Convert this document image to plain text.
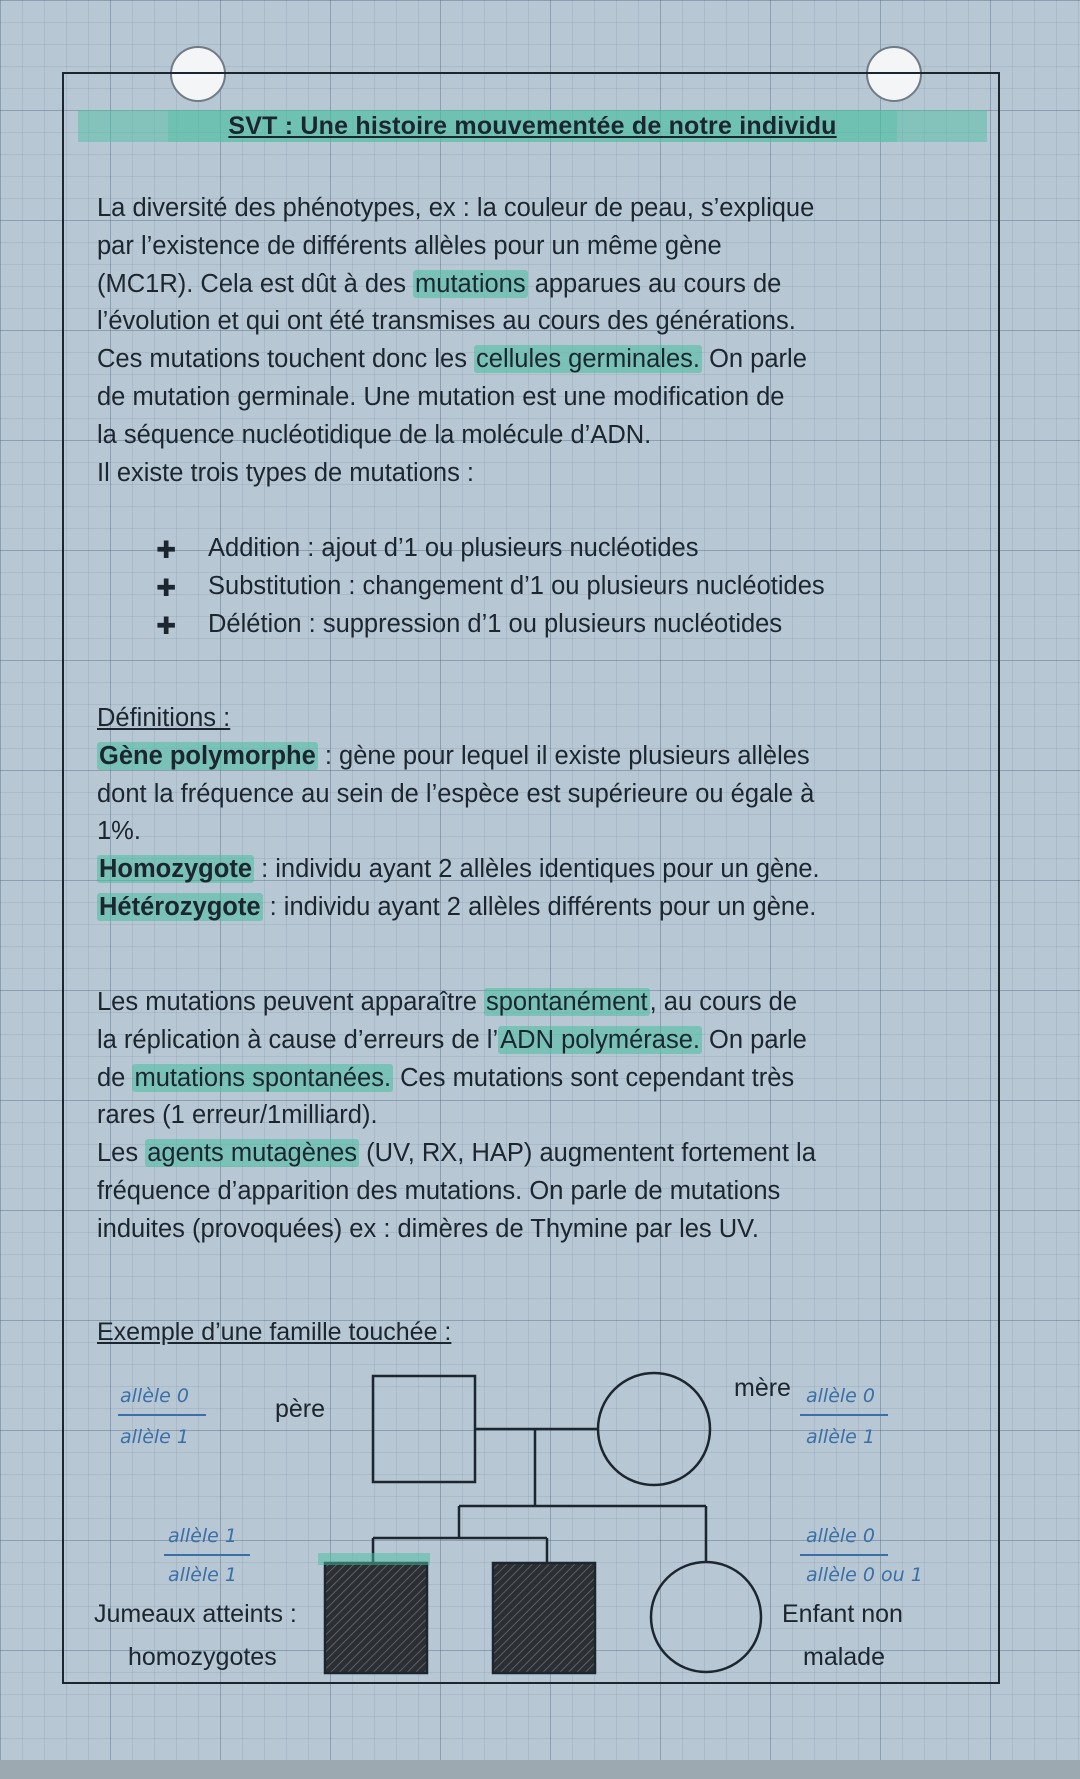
SVT : Une histoire mouvementée de notre individu

La diversité des phénotypes, ex : la couleur de peau, s’explique
par l’existence de différents allèles pour un même gène
(MC1R). Cela est dût à des mutations apparues au cours de
l’évolution et qui ont été transmises au cours des générations.
Ces mutations touchent donc les cellules germinales. On parle
de mutation germinale. Une mutation est une modification de
la séquence nucléotidique de la molécule d’ADN.
Il existe trois types de mutations :

✚ Addition : ajout d’1 ou plusieurs nucléotides
✚ Substitution : changement d’1 ou plusieurs nucléotides
✚ Délétion : suppression d’1 ou plusieurs nucléotides

Définitions :
Gène polymorphe : gène pour lequel il existe plusieurs allèles
dont la fréquence au sein de l’espèce est supérieure ou égale à
1%.
Homozygote : individu ayant 2 allèles identiques pour un gène.
Hétérozygote : individu ayant 2 allèles différents pour un gène.

Les mutations peuvent apparaître spontanément, au cours de
la réplication à cause d’erreurs de l’ADN polymérase. On parle
de mutations spontanées. Ces mutations sont cependant très
rares (1 erreur/1milliard).
Les agents mutagènes (UV, RX, HAP) augmentent fortement la
fréquence d’apparition des mutations. On parle de mutations
induites (provoquées) ex : dimères de Thymine par les UV.

Exemple d’une famille touchée :
père
mère
allèle 0
allèle 1
allèle 0
allèle 1
allèle 1
allèle 1
allèle 0
allèle 0 ou 1
Jumeaux atteints :
homozygotes
Enfant non
malade
